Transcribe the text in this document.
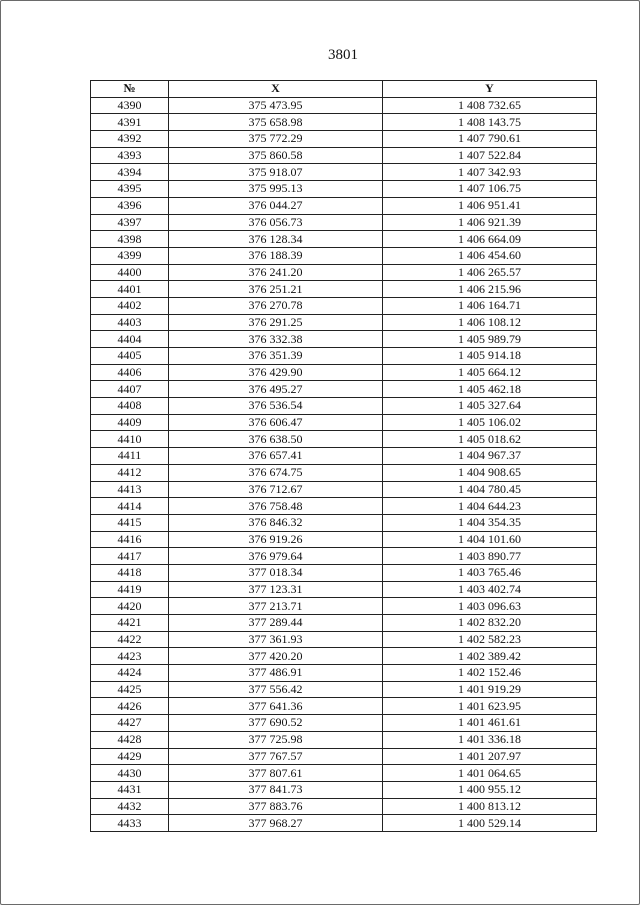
3801
№	X	Y
4390	375 473.95	1 408 732.65
4391	375 658.98	1 408 143.75
4392	375 772.29	1 407 790.61
4393	375 860.58	1 407 522.84
4394	375 918.07	1 407 342.93
4395	375 995.13	1 407 106.75
4396	376 044.27	1 406 951.41
4397	376 056.73	1 406 921.39
4398	376 128.34	1 406 664.09
4399	376 188.39	1 406 454.60
4400	376 241.20	1 406 265.57
4401	376 251.21	1 406 215.96
4402	376 270.78	1 406 164.71
4403	376 291.25	1 406 108.12
4404	376 332.38	1 405 989.79
4405	376 351.39	1 405 914.18
4406	376 429.90	1 405 664.12
4407	376 495.27	1 405 462.18
4408	376 536.54	1 405 327.64
4409	376 606.47	1 405 106.02
4410	376 638.50	1 405 018.62
4411	376 657.41	1 404 967.37
4412	376 674.75	1 404 908.65
4413	376 712.67	1 404 780.45
4414	376 758.48	1 404 644.23
4415	376 846.32	1 404 354.35
4416	376 919.26	1 404 101.60
4417	376 979.64	1 403 890.77
4418	377 018.34	1 403 765.46
4419	377 123.31	1 403 402.74
4420	377 213.71	1 403 096.63
4421	377 289.44	1 402 832.20
4422	377 361.93	1 402 582.23
4423	377 420.20	1 402 389.42
4424	377 486.91	1 402 152.46
4425	377 556.42	1 401 919.29
4426	377 641.36	1 401 623.95
4427	377 690.52	1 401 461.61
4428	377 725.98	1 401 336.18
4429	377 767.57	1 401 207.97
4430	377 807.61	1 401 064.65
4431	377 841.73	1 400 955.12
4432	377 883.76	1 400 813.12
4433	377 968.27	1 400 529.14
